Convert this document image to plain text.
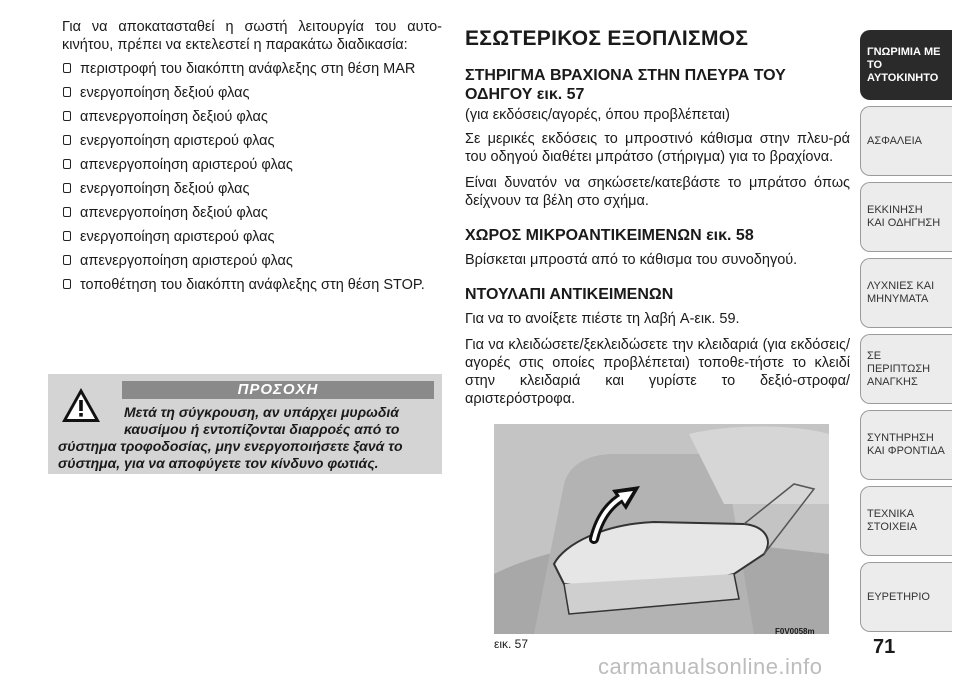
Για να αποκατασταθεί η σωστή λειτουργία του αυτο-κινήτου, πρέπει να εκτελεστεί η παρακάτω διαδικασία:

περιστροφή του διακόπτη ανάφλεξης στη θέση MAR
ενεργοποίηση δεξιού φλας
απενεργοποίηση δεξιού φλας
ενεργοποίηση αριστερού φλας
απενεργοποίηση αριστερού φλας
ενεργοποίηση δεξιού φλας
απενεργοποίηση δεξιού φλας
ενεργοποίηση αριστερού φλας
απενεργοποίηση αριστερού φλας
τοποθέτηση του διακόπτη ανάφλεξης στη θέση STOP.
ΠΡΟΣΟΧΗ
Μετά τη σύγκρουση, αν υπάρχει μυρωδιά καυσίμου ή εντοπίζονται διαρροές από το
σύστημα τροφοδοσίας, μην ενεργοποιήσετε ξανά το σύστημα, για να αποφύγετε τον κίνδυνο φωτιάς.
ΕΣΩΤΕΡΙΚΟΣ ΕΞΟΠΛΙΣΜΟΣ
ΣΤΗΡΙΓΜΑ ΒΡΑΧΙΟΝΑ ΣΤΗΝ ΠΛΕΥΡΑ ΤΟΥ ΟΔΗΓΟΥ εικ. 57

(για εκδόσεις/αγορές, όπου προβλέπεται)

Σε μερικές εκδόσεις το μπροστινό κάθισμα στην πλευ-ρά του οδηγού διαθέτει μπράτσο (στήριγμα) για το βραχίονα.

Είναι δυνατόν να σηκώσετε/κατεβάστε το μπράτσο όπως δείχνουν τα βέλη στο σχήμα.

ΧΩΡΟΣ ΜΙΚΡΟΑΝΤΙΚΕΙΜΕΝΩΝ εικ. 58

Βρίσκεται μπροστά από το κάθισμα του συνοδηγού.

ΝΤΟΥΛΑΠΙ ΑΝΤΙΚΕΙΜΕΝΩΝ

Για να το ανοίξετε πιέστε τη λαβή A-εικ. 59.

Για να κλειδώσετε/ξεκλειδώσετε την κλειδαριά (για εκδόσεις/αγορές στις οποίες προβλέπεται) τοποθε-τήστε το κλειδί στην κλειδαριά και γυρίστε το δεξιό-στροφα/αριστερόστροφα.

εικ. 57
F0V0058m
71
carmanualsonline.info
ΓΝΩΡΙΜΙΑ ΜΕ
ΤΟ ΑΥΤΟΚΙΝΗΤΟ
ΑΣΦΑΛΕΙΑ
ΕΚΚΙΝΗΣΗ
ΚΑΙ ΟΔΗΓΗΣΗ
ΛΥΧΝΙΕΣ ΚΑΙ
ΜΗΝΥΜΑΤΑ
ΣΕ ΠΕΡΙΠΤΩΣΗ
ΑΝΑΓΚΗΣ
ΣΥΝΤΗΡΗΣΗ
ΚΑΙ ΦΡΟΝΤΙΔΑ
ΤΕΧΝΙΚΑ
ΣΤΟΙΧΕΙΑ
ΕΥΡΕΤΗΡΙΟ
